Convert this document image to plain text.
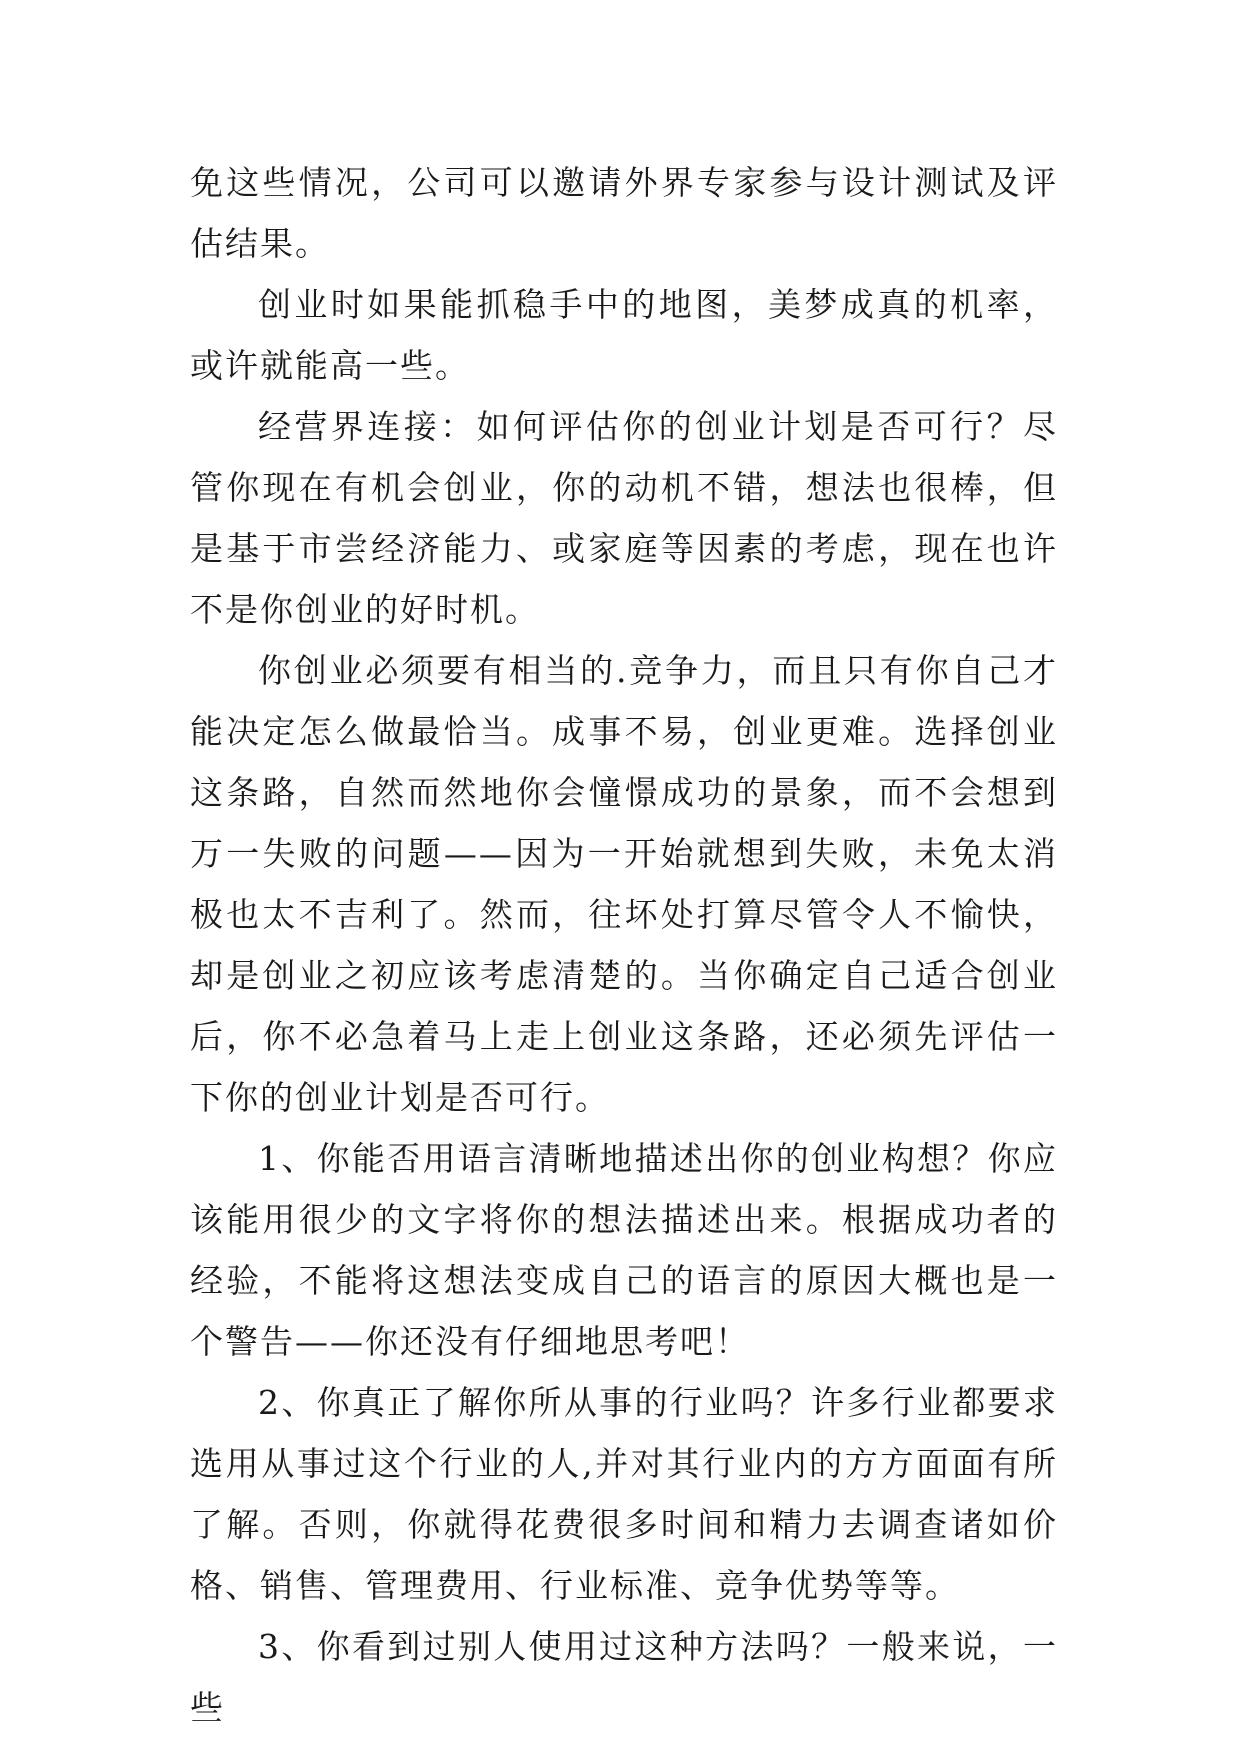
免这些情况，公司可以邀请外界专家参与设计测试及评估结果。

创业时如果能抓稳手中的地图，美梦成真的机率，或许就能高一些。

经营界连接：如何评估你的创业计划是否可行？尽管你现在有机会创业，你的动机不错，想法也很棒，但是基于市尝经济能力、或家庭等因素的考虑，现在也许不是你创业的好时机。

你创业必须要有相当的.竞争力，而且只有你自己才能决定怎么做最恰当。成事不易，创业更难。选择创业这条路，自然而然地你会憧憬成功的景象，而不会想到万一失败的问题——因为一开始就想到失败，未免太消极也太不吉利了。然而，往坏处打算尽管令人不愉快，却是创业之初应该考虑清楚的。当你确定自己适合创业后，你不必急着马上走上创业这条路，还必须先评估一下你的创业计划是否可行。

1、你能否用语言清晰地描述出你的创业构想？你应该能用很少的文字将你的想法描述出来。根据成功者的经验，不能将这想法变成自己的语言的原因大概也是一个警告——你还没有仔细地思考吧！

2、你真正了解你所从事的行业吗？许多行业都要求选用从事过这个行业的人,并对其行业内的方方面面有所了解。否则，你就得花费很多时间和精力去调查诸如价格、销售、管理费用、行业标准、竞争优势等等。

3、你看到过别人使用过这种方法吗？一般来说，一些
